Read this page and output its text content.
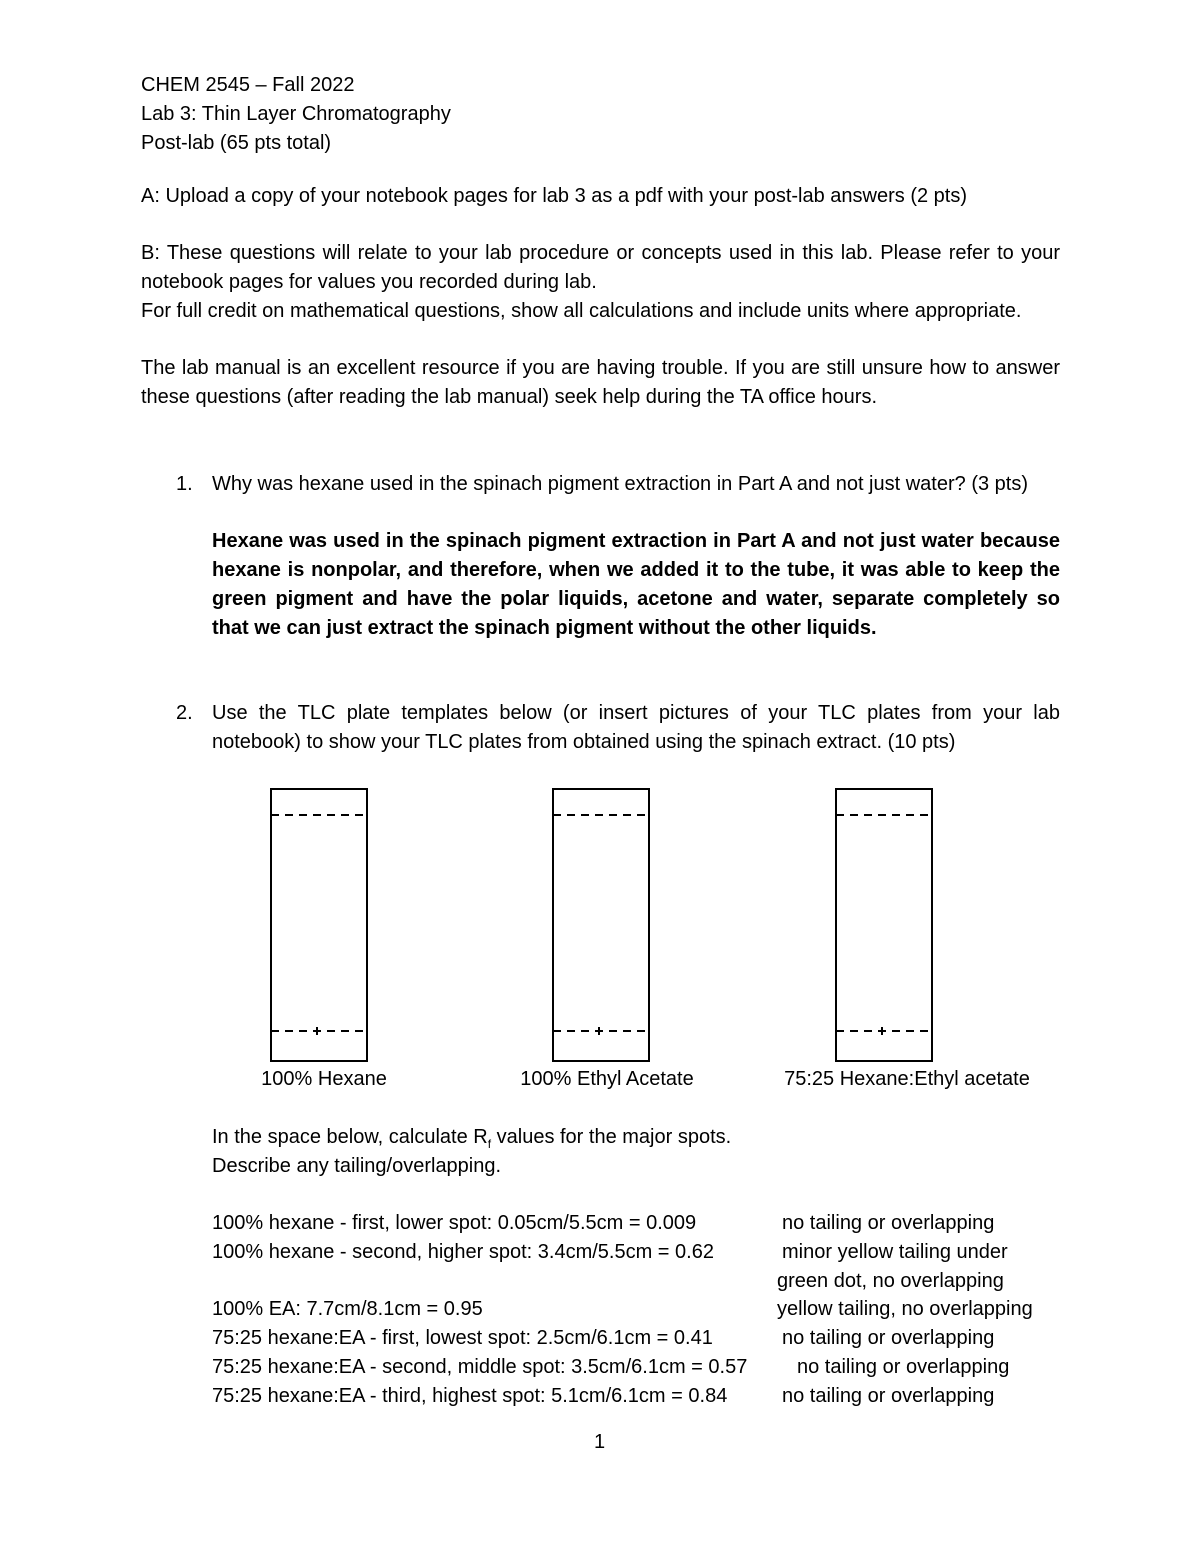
CHEM 2545 – Fall 2022
Lab 3: Thin Layer Chromatography
Post-lab (65 pts total)
A: Upload a copy of your notebook pages for lab 3 as a pdf with your post-lab answers (2 pts)
B: These questions will relate to your lab procedure or concepts used in this lab. Please refer to your notebook pages for values you recorded during lab.
For full credit on mathematical questions, show all calculations and include units where appropriate.
The lab manual is an excellent resource if you are having trouble. If you are still unsure how to answer these questions (after reading the lab manual) seek help during the TA office hours.
1. Why was hexane used in the spinach pigment extraction in Part A and not just water? (3 pts)
Hexane was used in the spinach pigment extraction in Part A and not just water because hexane is nonpolar, and therefore, when we added it to the tube, it was able to keep the green pigment and have the polar liquids, acetone and water, separate completely so that we can just extract the spinach pigment without the other liquids.
2. Use the TLC plate templates below (or insert pictures of your TLC plates from your lab notebook) to show your TLC plates from obtained using the spinach extract. (10 pts)
100% Hexane	100% Ethyl Acetate	75:25 Hexane:Ethyl acetate
In the space below, calculate $R_f$ values for the major spots.
Describe any tailing/overlapping.
100% hexane - first, lower spot: 0.05cm/5.5cm = 0.009	no tailing or overlapping
100% hexane - second, higher spot: 3.4cm/5.5cm = 0.62	minor yellow tailing under
green dot, no overlapping
100% EA: 7.7cm/8.1cm = 0.95	yellow tailing, no overlapping
75:25 hexane:EA - first, lowest spot: 2.5cm/6.1cm = 0.41	no tailing or overlapping
75:25 hexane:EA - second, middle spot: 3.5cm/6.1cm = 0.57 no tailing or overlapping
75:25 hexane:EA - third, highest spot: 5.1cm/6.1cm = 0.84	no tailing or overlapping
1
